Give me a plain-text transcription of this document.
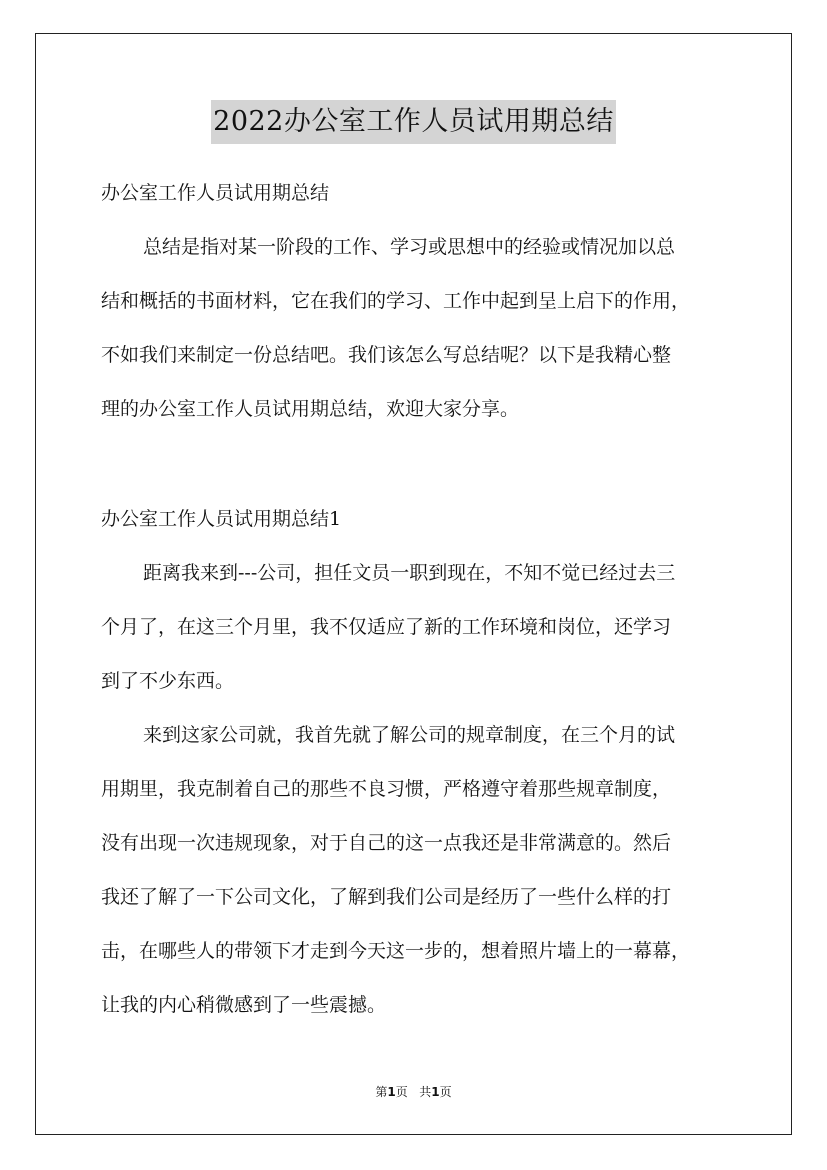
2022办公室工作人员试用期总结
办公室工作人员试用期总结
总结是指对某一阶段的工作、学习或思想中的经验或情况加以总
结和概括的书面材料，它在我们的学习、工作中起到呈上启下的作用，
不如我们来制定一份总结吧。我们该怎么写总结呢？以下是我精心整
理的办公室工作人员试用期总结，欢迎大家分享。
办公室工作人员试用期总结1
距离我来到---公司，担任文员一职到现在，不知不觉已经过去三
个月了，在这三个月里，我不仅适应了新的工作环境和岗位，还学习
到了不少东西。
来到这家公司就，我首先就了解公司的规章制度，在三个月的试
用期里，我克制着自己的那些不良习惯，严格遵守着那些规章制度，
没有出现一次违规现象，对于自己的这一点我还是非常满意的。然后
我还了解了一下公司文化，了解到我们公司是经历了一些什么样的打
击，在哪些人的带领下才走到今天这一步的，想着照片墙上的一幕幕，
让我的内心稍微感到了一些震撼。
第1页   共1页
